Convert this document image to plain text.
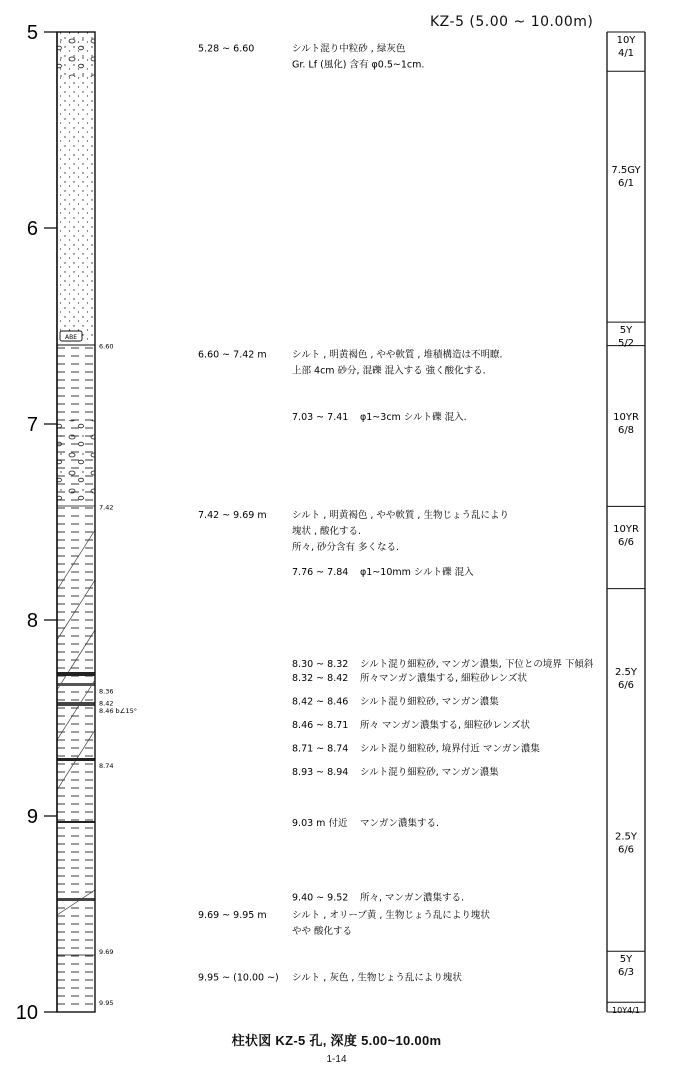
KZ-5 (5.00 ~ 10.00m)
5
6
7
8
9
10
ABE
6.60
7.42
8.36
8.42
8.46 b∠15°
8.74
9.69
9.95
5.28 ~ 6.60	シルト混り中粒砂 , 緑灰色
Gr. Lf (風化) 含有 φ0.5~1cm.
6.60 ~ 7.42 m	シルト , 明黄褐色 , やや軟質 , 堆積構造は不明瞭.
上部 4cm 砂分, 混礫 混入する 強く酸化する.
7.03 ~ 7.41 φ1~3cm シルト礫 混入.
7.42 ~ 9.69 m	シルト , 明黄褐色 , やや軟質 , 生物じょう乱により
塊状 , 酸化する.
所々, 砂分含有 多くなる.
7.76 ~ 7.84 φ1~10mm シルト礫 混入
8.30 ~ 8.32 シルト混り細粒砂, マンガン濃集, 下位との境界 下傾斜
8.32 ~ 8.42 所々マンガン濃集する, 細粒砂レンズ状
8.42 ~ 8.46 シルト混り細粒砂, マンガン濃集
8.46 ~ 8.71 所々 マンガン濃集する, 細粒砂レンズ状
8.71 ~ 8.74 シルト混り細粒砂, 境界付近 マンガン濃集
8.93 ~ 8.94 シルト混り細粒砂, マンガン濃集
9.03 m 付近 マンガン濃集する.
9.40 ~ 9.52 所々, マンガン濃集する.
9.69 ~ 9.95 m	シルト , オリーブ黄 , 生物じょう乱により塊状
やや 酸化する
9.95 ~ (10.00 ~) シルト , 灰色 , 生物じょう乱により塊状
10Y
4/1
7.5GY
6/1
5Y
5/2
10YR
6/8
10YR
6/6
2.5Y
6/6
2.5Y
6/6
5Y
6/3
10Y4/1
柱状図 KZ-5 孔, 深度 5.00~10.00m
1-14
